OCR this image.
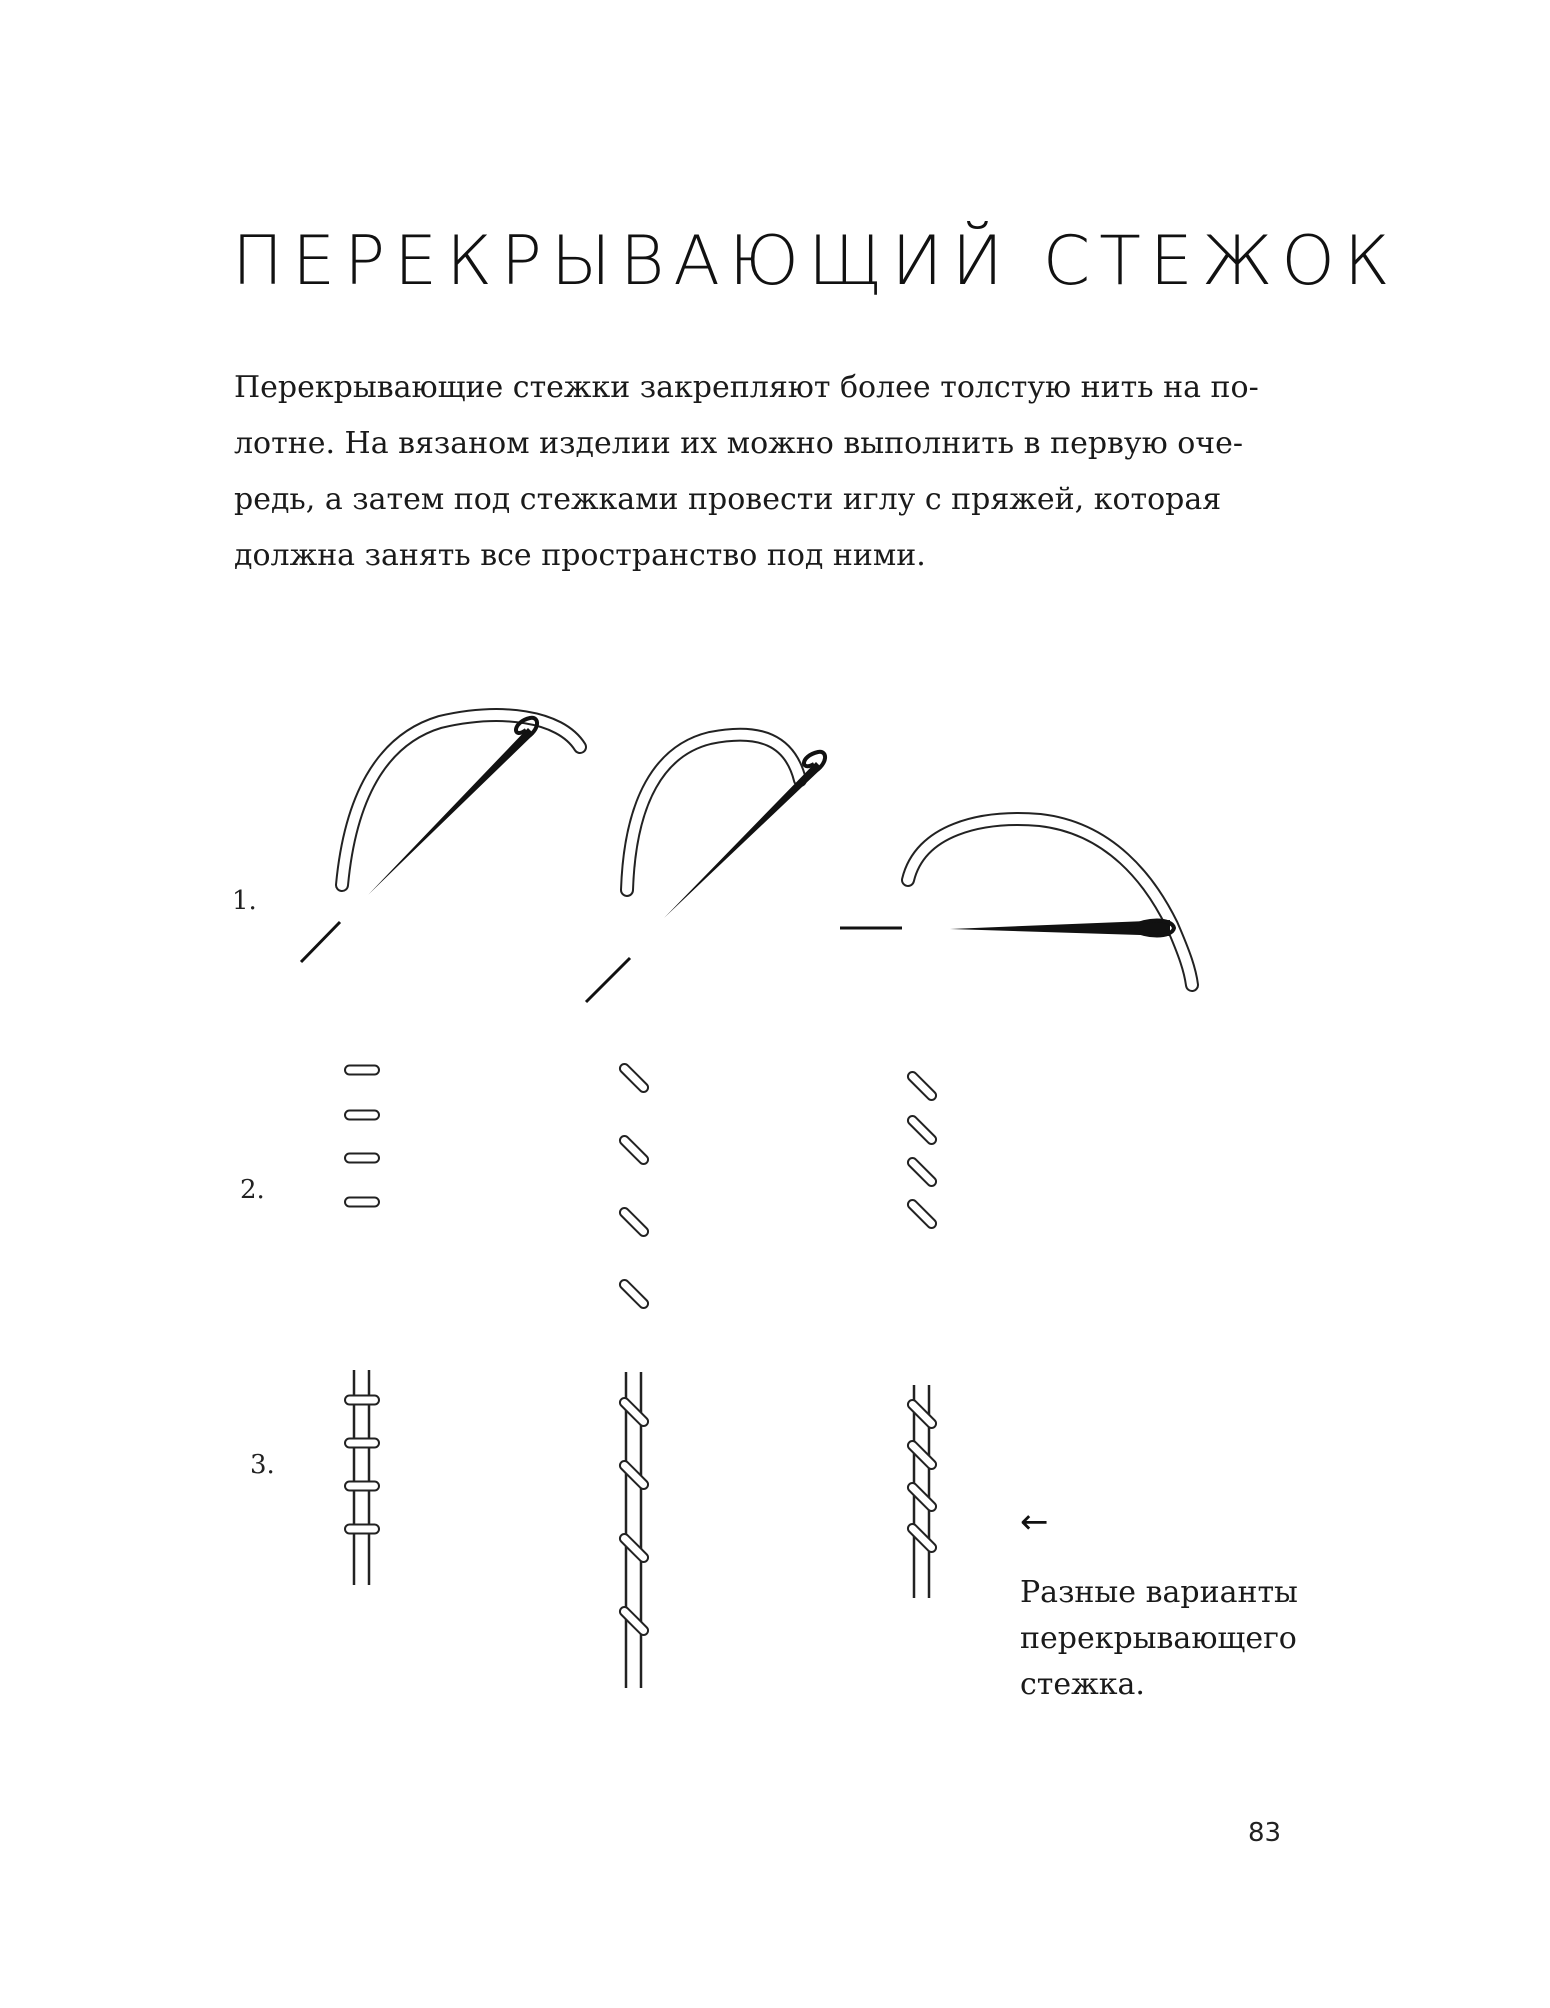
ПЕРЕКРЫВАЮЩИЙ СТЕЖОК
Перекрывающие стежки закрепляют более толстую нить на по-
лотне. На вязаном изделии их можно выполнить в первую оче-
редь, а затем под стежками провести иглу с пряжей, которая
должна занять все пространство под ними.
1.
2.
3.
←
Разные варианты
перекрывающего
стежка.
83
